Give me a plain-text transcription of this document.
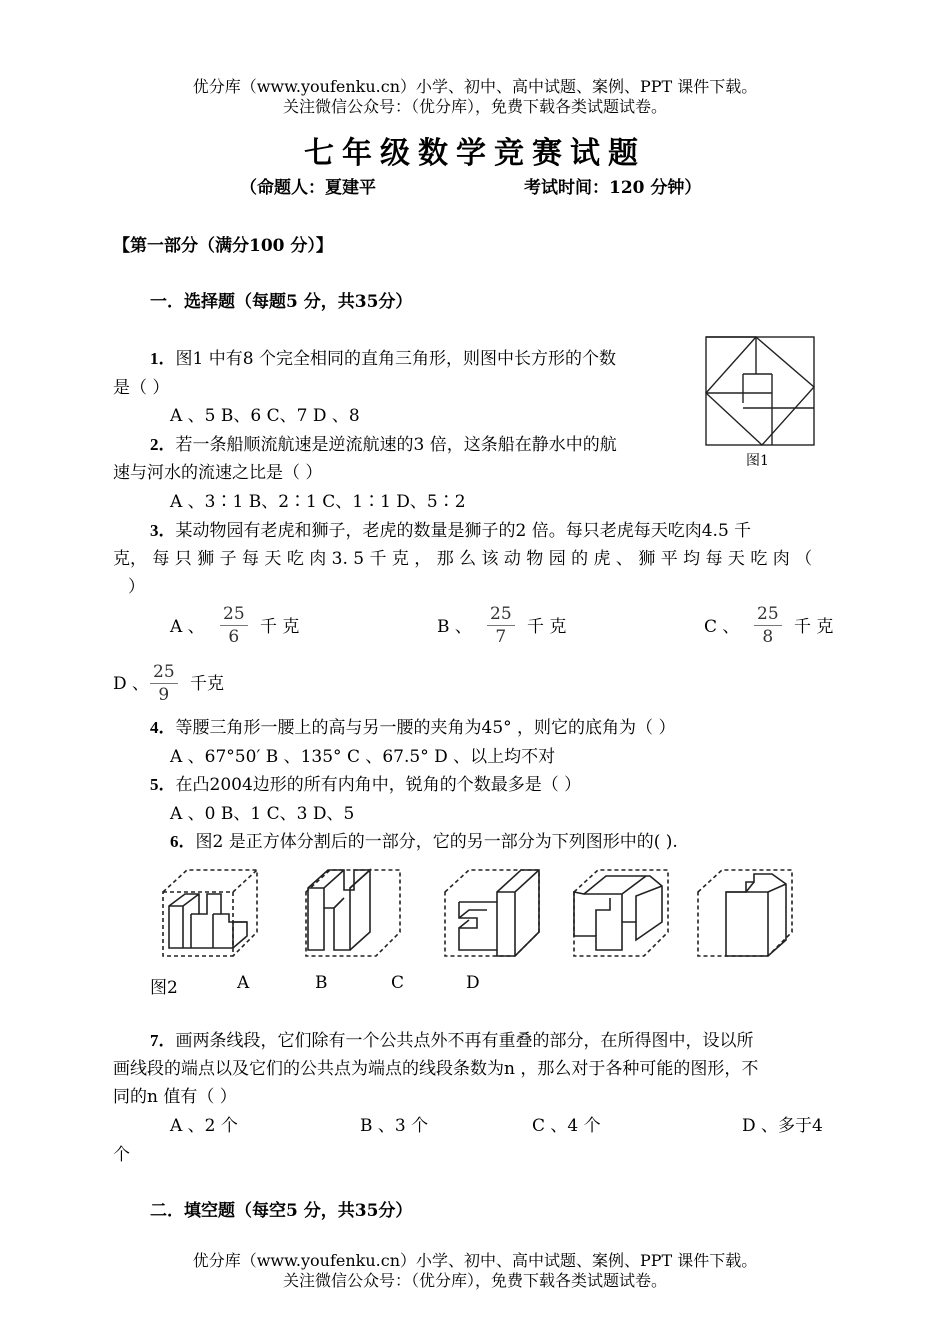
优分库（www.youfenku.cn）小学、初中、高中试题、案例、PPT 课件下载。
关注微信公众号：（优分库），免费下载各类试题试卷。
七年级数学竞赛试题
（命题人：夏建平	考试时间：120 分钟）
【第一部分（满分100 分）】
一．选择题（每题5 分，共35分）
1．图1 中有8 个完全相同的直角三角形，则图中长方形的个数
是（ ）
A 、5 B、6 C、7 D 、8
图1
2．若一条船顺流航速是逆流航速的3 倍，这条船在静水中的航
速与河水的流速之比是（ ）
A 、3∶1 B、2∶1 C、1∶1 D、5∶2
3．某动物园有老虎和狮子，老虎的数量是狮子的2 倍。每只老虎每天吃肉4.5 千
克， 每 只 狮 子 每 天 吃 肉 3. 5 千 克 ， 那 么 该 动 物 园 的 虎 、 狮 平 均 每 天 吃 肉 （
）
A 、 $\frac{25}{6}$ 千 克	B 、 $\frac{25}{7}$ 千 克	C 、 $\frac{25}{8}$ 千 克
D 、 $\frac{25}{9}$ 千克
4．等腰三角形一腰上的高与另一腰的夹角为45° ，则它的底角为（ ）
A 、67°50′ B 、135° C 、67.5° D 、以上均不对
5．在凸2004边形的所有内角中，锐角的个数最多是（ ）
A 、0 B、1 C、3 D、5
6．图2 是正方体分割后的一部分，它的另一部分为下列图形中的( ).
图2	A	B	C	D
7．画两条线段，它们除有一个公共点外不再有重叠的部分，在所得图中，设以所
画线段的端点以及它们的公共点为端点的线段条数为n ，那么对于各种可能的图形，不
同的n 值有（ ）
A 、2 个	B 、3 个	C 、4 个	D 、多于4
个
二．填空题（每空5 分，共35分）
优分库（www.youfenku.cn）小学、初中、高中试题、案例、PPT 课件下载。
关注微信公众号：（优分库），免费下载各类试题试卷。
